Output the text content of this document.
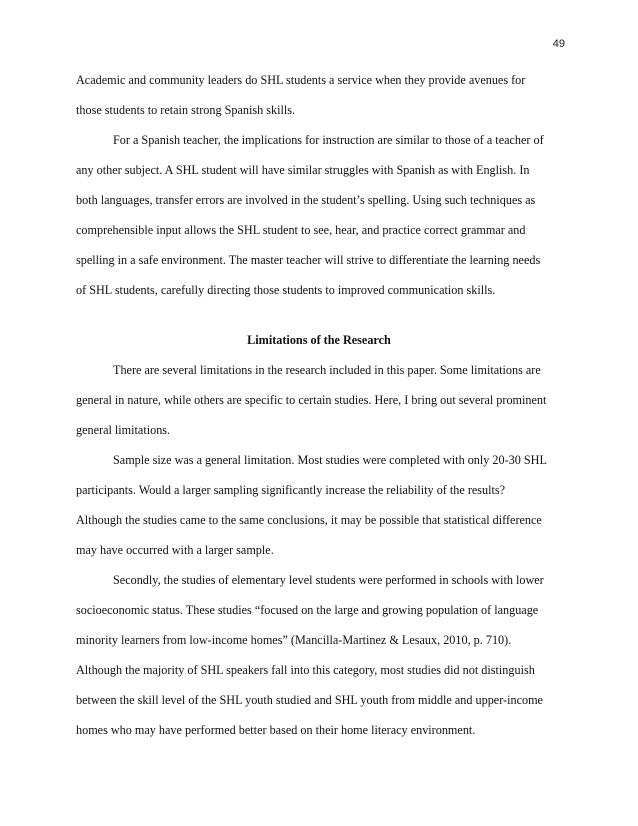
49
Academic and community leaders do SHL students a service when they provide avenues for
those students to retain strong Spanish skills.
For a Spanish teacher, the implications for instruction are similar to those of a teacher of
any other subject. A SHL student will have similar struggles with Spanish as with English. In
both languages, transfer errors are involved in the student’s spelling. Using such techniques as
comprehensible input allows the SHL student to see, hear, and practice correct grammar and
spelling in a safe environment. The master teacher will strive to differentiate the learning needs
of SHL students, carefully directing those students to improved communication skills.
Limitations of the Research
There are several limitations in the research included in this paper. Some limitations are
general in nature, while others are specific to certain studies. Here, I bring out several prominent
general limitations.
Sample size was a general limitation. Most studies were completed with only 20-30 SHL
participants. Would a larger sampling significantly increase the reliability of the results?
Although the studies came to the same conclusions, it may be possible that statistical difference
may have occurred with a larger sample.
Secondly, the studies of elementary level students were performed in schools with lower
socioeconomic status. These studies “focused on the large and growing population of language
minority learners from low-income homes” (Mancilla-Martinez & Lesaux, 2010, p. 710).
Although the majority of SHL speakers fall into this category, most studies did not distinguish
between the skill level of the SHL youth studied and SHL youth from middle and upper-income
homes who may have performed better based on their home literacy environment.
